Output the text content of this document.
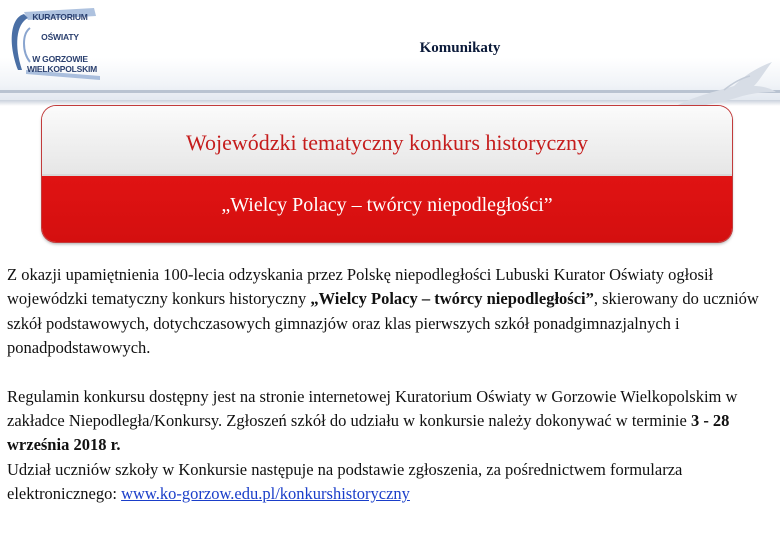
KURATORIUM
OŚWIATY
W GORZOWIE
WIELKOPOLSKIM
Komunikaty
Wojewódzki tematyczny konkurs historyczny
„Wielcy Polacy – twórcy niepodległości”

Z okazji upamiętnienia 100-lecia odzyskania przez Polskę niepodległości Lubuski Kurator Oświaty ogłosił wojewódzki tematyczny konkurs historyczny „Wielcy Polacy – twórcy niepodległości”, skierowany do uczniów szkół podstawowych, dotychczasowych gimnazjów oraz klas pierwszych szkół ponadgimnazjalnych i ponadpodstawowych.

Regulamin konkursu dostępny jest na stronie internetowej Kuratorium Oświaty w Gorzowie Wielkopolskim w zakładce Niepodległa/Konkursy. Zgłoszeń szkół do udziału w konkursie należy dokonywać w terminie 3 - 28 września 2018 r.

Udział uczniów szkoły w Konkursie następuje na podstawie zgłoszenia, za pośrednictwem formularza elektronicznego: www.ko-gorzow.edu.pl/konkurshistoryczny
